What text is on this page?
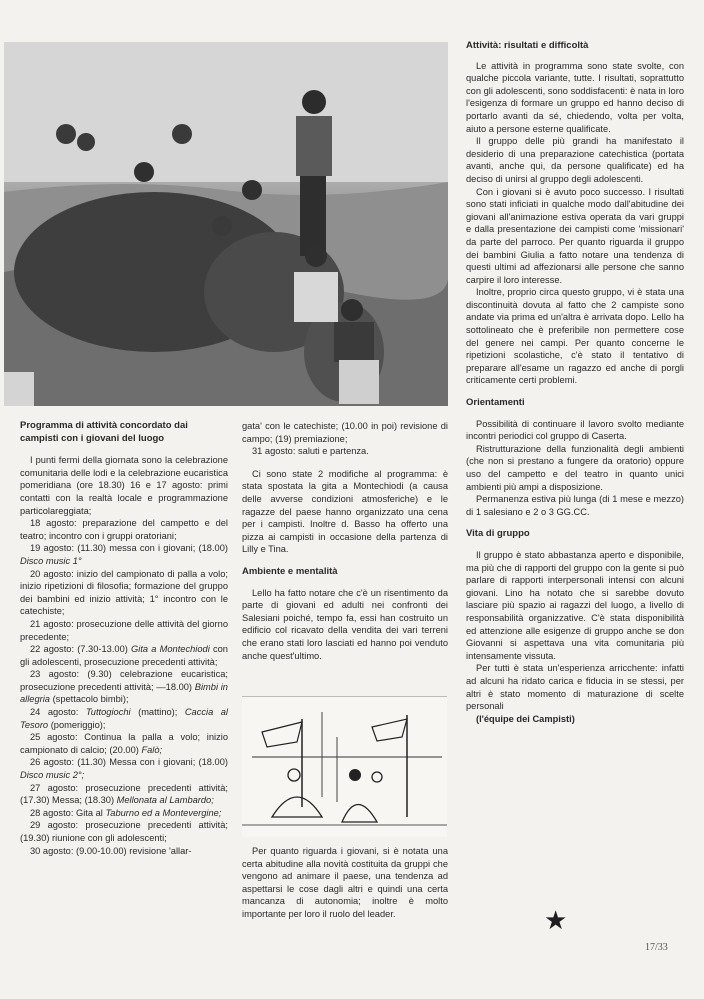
Programma di attività concordato dai campisti con i giovani del luogo

I punti fermi della giornata sono la celebrazione comunitaria delle lodi e la celebrazione eucaristica pomeridiana (ore 18.30) 16 e 17 agosto: primi contatti con la realtà locale e programmazione particolareggiata;

18 agosto: preparazione del campetto e del teatro; incontro con i gruppi oratoriani;

19 agosto: (11.30) messa con i giovani; (18.00) Disco music 1°

20 agosto: inizio del campionato di palla a volo; inizio ripetizioni di filosofia; formazione del gruppo dei bambini ed inizio attività; 1° incontro con le catechiste;

21 agosto: prosecuzione delle attività del giorno precedente;

22 agosto: (7.30-13.00) Gita a Montechiodi con gli adolescenti, prosecuzione precedenti attività;

23 agosto: (9.30) celebrazione eucaristica; prosecuzione precedenti attività; —18.00) Bimbi in allegria (spettacolo bimbi);

24 agosto: Tuttogiochi (mattino); Caccia al Tesoro (pomeriggio);

25 agosto: Continua la palla a volo; inizio campionato di calcio; (20.00) Falò;

26 agosto: (11.30) Messa con i giovani; (18.00) Disco music 2°;

27 agosto: prosecuzione precedenti attività; (17.30) Messa; (18.30) Mellonata al Lambardo;

28 agosto: Gita al Taburno ed a Montevergine;

29 agosto: prosecuzione precedenti attività; (19.30) riunione con gli adolescenti;

30 agosto: (9.00-10.00) revisione 'allar-

gata' con le catechiste; (10.00 in poi) revisione di campo; (19) premiazione;

31 agosto: saluti e partenza.

Ci sono state 2 modifiche al programma: è stata spostata la gita a Montechiodi (a causa delle avverse condizioni atmosferiche) e le ragazze del paese hanno organizzato una cena per i campisti. Inoltre d. Basso ha offerto una pizza ai campisti in occasione della partenza di Lilly e Tina.

Ambiente e mentalità

Lello ha fatto notare che c'è un risentimento da parte di giovani ed adulti nei confronti dei Salesiani poiché, tempo fa, essi han costruito un edificio col ricavato della vendita dei vari terreni che erano stati loro lasciati ed hanno poi venduto anche quest'ultimo.

Per quanto riguarda i giovani, si è notata una certa abitudine alla novità costituita da gruppi che vengono ad animare il paese, una tendenza ad aspettarsi le cose dagli altri e quindi una certa mancanza di autonomia; inoltre è molto importante per loro il ruolo del leader.

Attività: risultati e difficoltà

Le attività in programma sono state svolte, con qualche piccola variante, tutte. I risultati, soprattutto con gli adolescenti, sono soddisfacenti: è nata in loro l'esigenza di formare un gruppo ed hanno deciso di portarlo avanti da sé, chiedendo, volta per volta, aiuto a persone esterne qualificate.

Il gruppo delle più grandi ha manifestato il desiderio di una preparazione catechistica (portata avanti, anche qui, da persone qualificate) ed ha deciso di unirsi al gruppo degli adolescenti.

Con i giovani si è avuto poco successo. I risultati sono stati inficiati in qualche modo dall'abitudine dei giovani all'animazione estiva operata da vari gruppi e dalla presentazione dei campisti come 'missionari' da parte del parroco. Per quanto riguarda il gruppo dei bambini Giulia a fatto notare una tendenza di questi ultimi ad affezionarsi alle persone che sanno carpire il loro interesse.

Inoltre, proprio circa questo gruppo, vi è stata una discontinuità dovuta al fatto che 2 campiste sono andate via prima ed un'altra è arrivata dopo. Lello ha sottolineato che è preferibile non permettere cose del genere nei campi. Per quanto concerne le ripetizioni scolastiche, c'è stato il tentativo di preparare all'esame un ragazzo ed anche di porgli criticamente certi problemi.

Orientamenti

Possibilità di continuare il lavoro svolto mediante incontri periodici col gruppo di Caserta.

Ristrutturazione della funzionalità degli ambienti (che non si prestano a fungere da oratorio) oppure uso del campetto e del teatro in quanto unici ambienti più ampi a disposizione.

Permanenza estiva più lunga (di 1 mese e mezzo) di 1 salesiano e 2 o 3 GG.CC.

Vita di gruppo

Il gruppo è stato abbastanza aperto e disponibile, ma più che di rapporti del gruppo con la gente si può parlare di rapporti interpersonali intensi con alcuni giovani. Lino ha notato che si sarebbe dovuto lasciare più spazio ai ragazzi del luogo, a livello di responsabilità organizzative. C'è stata disponibilità ed attenzione alle esigenze di gruppo anche se don Giovanni si aspettava una vita comunitaria più intensamente vissuta.

Per tutti è stata un'esperienza arricchente: infatti ad alcuni ha ridato carica e fiducia in se stessi, per altri è stato momento di maturazione di scelte personali

(l'équipe dei Campisti)

★
17/33
